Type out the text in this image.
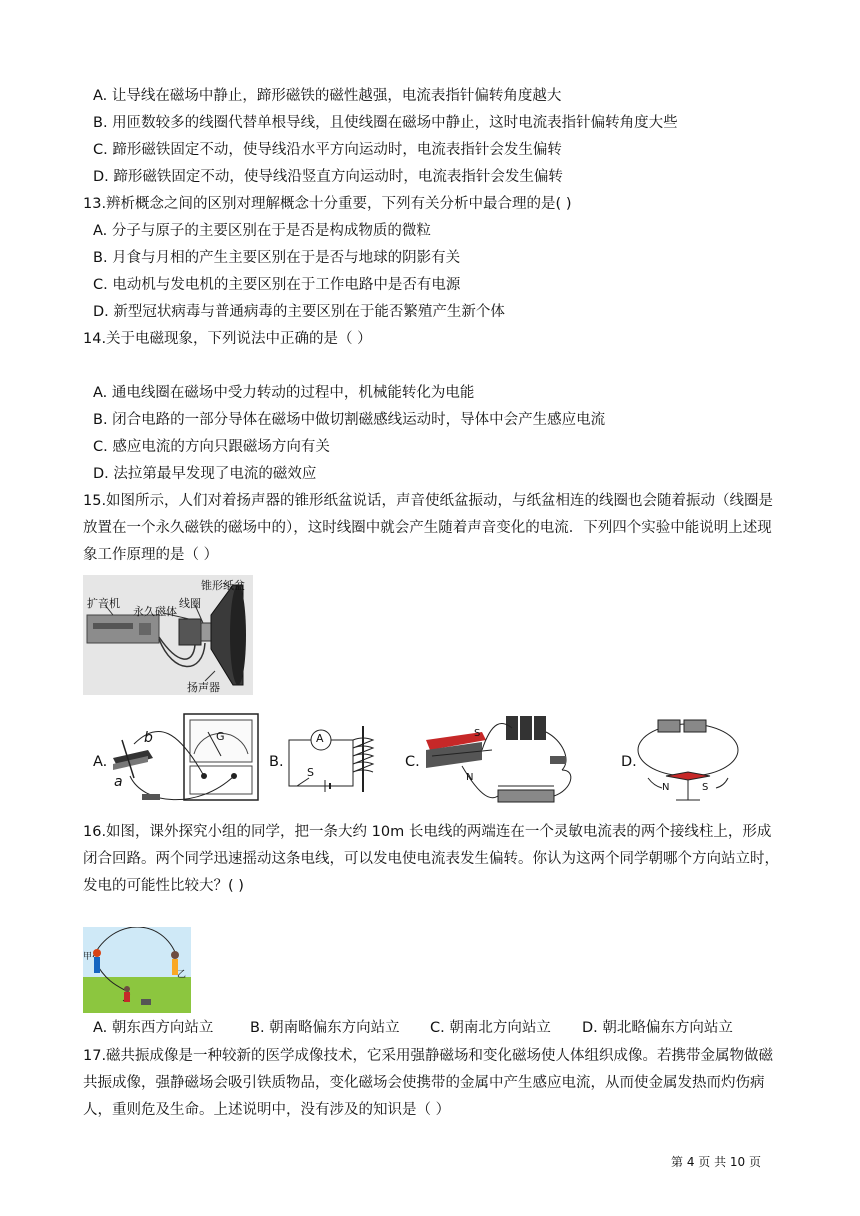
A. 让导线在磁场中静止，蹄形磁铁的磁性越强，电流表指针偏转角度越大
B. 用匝数较多的线圈代替单根导线，且使线圈在磁场中静止，这时电流表指针偏转角度大些
C. 蹄形磁铁固定不动，使导线沿水平方向运动时，电流表指针会发生偏转
D. 蹄形磁铁固定不动，使导线沿竖直方向运动时，电流表指针会发生偏转
13.辨析概念之间的区别对理解概念十分重要，下列有关分析中最合理的是( )
A. 分子与原子的主要区别在于是否是构成物质的微粒
B. 月食与月相的产生主要区别在于是否与地球的阴影有关
C. 电动机与发电机的主要区别在于工作电路中是否有电源
D. 新型冠状病毒与普通病毒的主要区别在于能否繁殖产生新个体
14.关于电磁现象，下列说法中正确的是（ ）
A. 通电线圈在磁场中受力转动的过程中，机械能转化为电能
B. 闭合电路的一部分导体在磁场中做切割磁感线运动时，导体中会产生感应电流
C. 感应电流的方向只跟磁场方向有关
D. 法拉第最早发现了电流的磁效应
15.如图所示，人们对着扬声器的锥形纸盆说话，声音使纸盆振动，与纸盆相连的线圈也会随着振动（线圈是放置在一个永久磁铁的磁场中的），这时线圈中就会产生随着声音变化的电流．下列四个实验中能说明上述现象工作原理的是（ ）
扩音机
永久磁体
线圈
锥形纸盆
扬声器
A.
b
a
G
B.
A
S
C.
S
N
D.
N	S
16.如图，课外探究小组的同学，把一条大约 10m 长电线的两端连在一个灵敏电流表的两个接线柱上，形成闭合回路。两个同学迅速摇动这条电线，可以发电使电流表发生偏转。你认为这两个同学朝哪个方向站立时，发电的可能性比较大？( )
甲
乙
A. 朝东西方向站立	B. 朝南略偏东方向站立 C. 朝南北方向站立 D. 朝北略偏东方向站立
17.磁共振成像是一种较新的医学成像技术，它采用强静磁场和变化磁场使人体组织成像。若携带金属物做磁共振成像，强静磁场会吸引铁质物品，变化磁场会使携带的金属中产生感应电流，从而使金属发热而灼伤病人，重则危及生命。上述说明中，没有涉及的知识是（ ）
第 4 页 共 10 页
